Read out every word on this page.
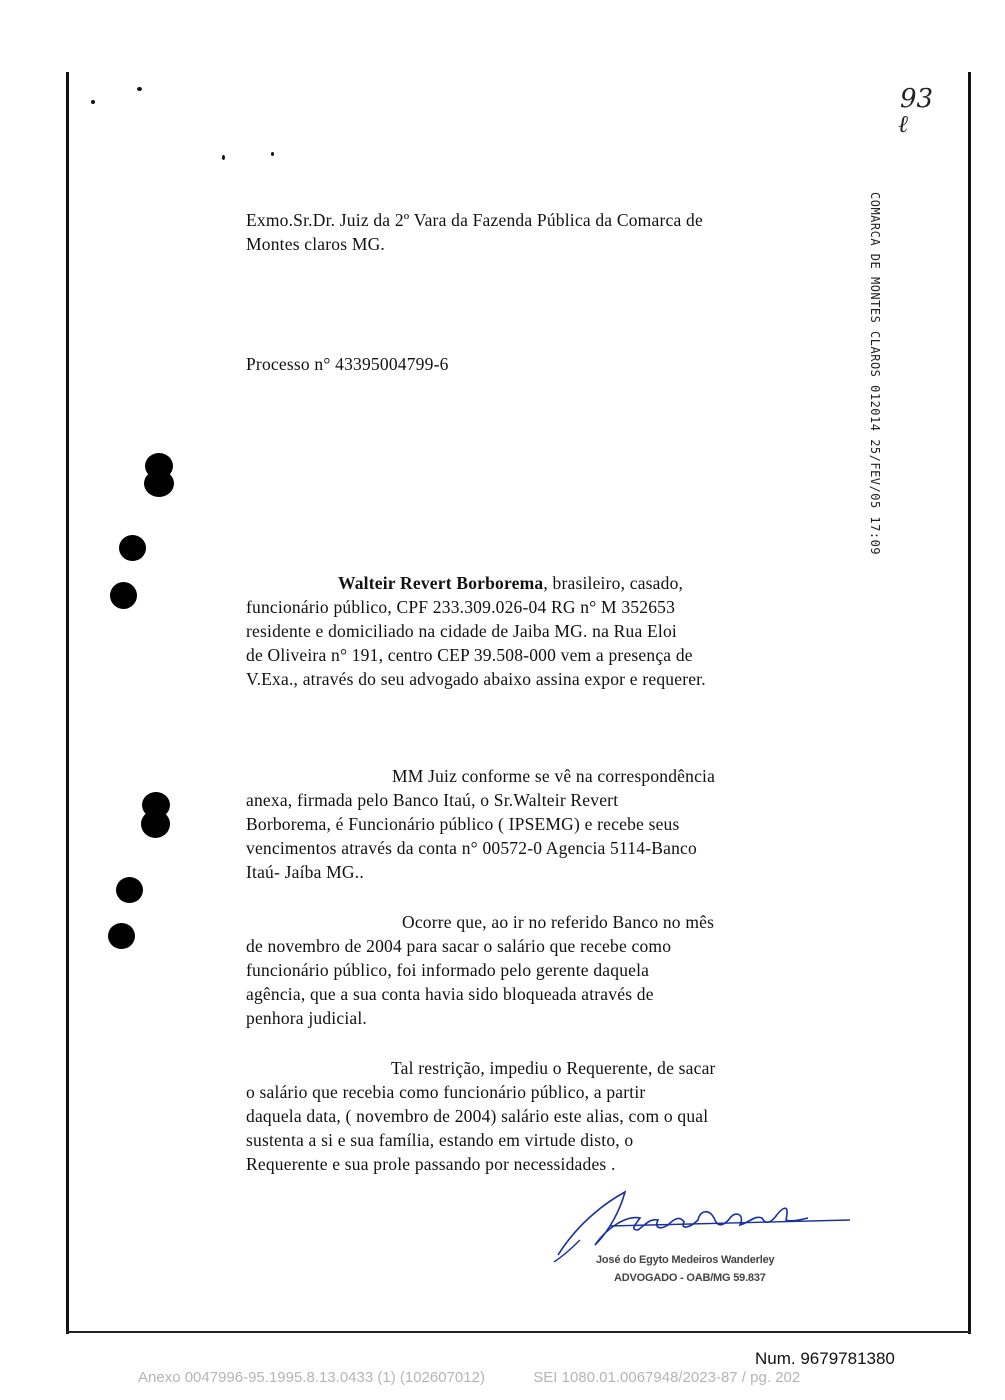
93
ℓ
COMARCA DE MONTES CLAROS 012014 25/FEV/05 17:09
Exmo.Sr.Dr. Juiz da 2º Vara da Fazenda Pública da Comarca de
Montes claros MG.
Processo n° 43395004799-6
Walteir Revert Borborema, brasileiro, casado,
funcionário público, CPF 233.309.026-04 RG n° M 352653
residente e domiciliado na cidade de Jaiba MG. na Rua Eloi
de Oliveira n° 191, centro CEP 39.508-000 vem a presença de
V.Exa., através do seu advogado abaixo assina expor e requerer.
MM Juiz conforme se vê na correspondência
anexa, firmada pelo Banco Itaú, o Sr.Walteir Revert
Borborema, é Funcionário público ( IPSEMG) e recebe seus
vencimentos através da conta n° 00572-0 Agencia 5114-Banco
Itaú- Jaíba MG..
Ocorre que, ao ir no referido Banco no mês
de novembro de 2004 para sacar o salário que recebe como
funcionário público, foi informado pelo gerente daquela
agência, que a sua conta havia sido bloqueada através de
penhora judicial.
Tal restrição, impediu o Requerente, de sacar
o salário que recebia como funcionário público, a partir
daquela data, ( novembro de 2004) salário este alias, com o qual
sustenta a si e sua família, estando em virtude disto, o
Requerente e sua prole passando por necessidades .
José do Egyto Medeiros Wanderley
ADVOGADO - OAB/MG 59.837
Num. 9679781380
Anexo 0047996-95.1995.8.13.0433 (1) (102607012)	SEI 1080.01.0067948/2023-87 / pg. 202
